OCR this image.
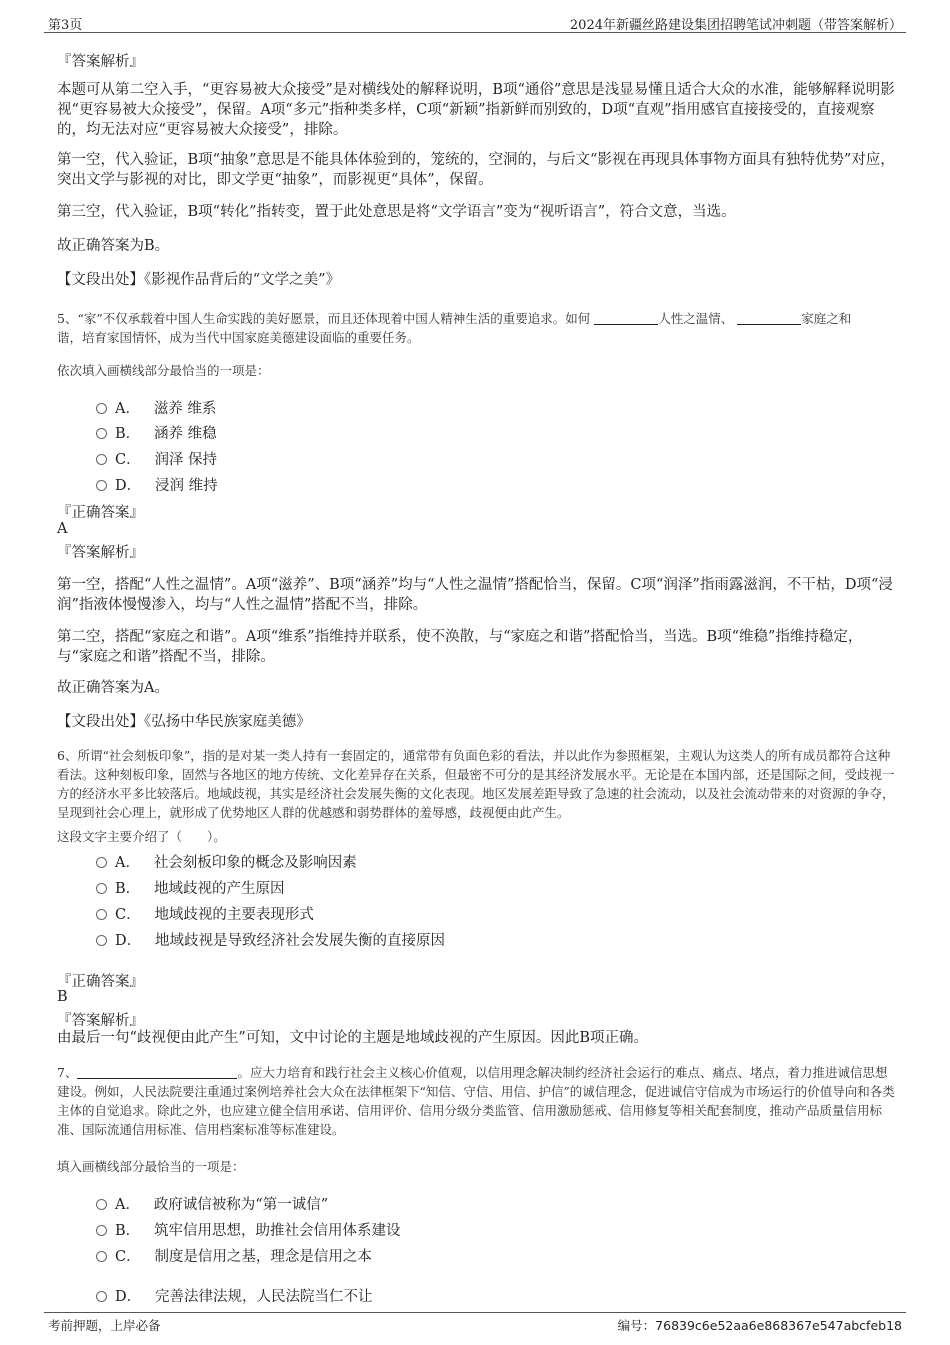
第3页	2024年新疆丝路建设集团招聘笔试冲刺题（带答案解析）
『答案解析』

本题可从第二空入手，“更容易被大众接受”是对横线处的解释说明，B项“通俗”意思是浅显易懂且适合大众的水准，能够解释说明影视“更容易被大众接受”，保留。A项“多元”指种类多样，C项“新颖”指新鲜而别致的，D项“直观”指用感官直接接受的，直接观察的，均无法对应“更容易被大众接受”，排除。

第一空，代入验证，B项“抽象”意思是不能具体体验到的，笼统的，空洞的，与后文“影视在再现具体事物方面具有独特优势”对应，突出文学与影视的对比，即文学更“抽象”，而影视更“具体”，保留。

第三空，代入验证，B项“转化”指转变，置于此处意思是将“文学语言”变为“视听语言”，符合文意，当选。

故正确答案为B。

【文段出处】《影视作品背后的“文学之美”》

5、“家”不仅承载着中国人生命实践的美好愿景，而且还体现着中国人精神生活的重要追求。如何	人性之温情、	家庭之和
谐，培育家国情怀，成为当代中国家庭美德建设面临的重要任务。

依次填入画横线部分最恰当的一项是：
A． 滋养 维系
B． 涵养 维稳
C． 润泽 保持
D． 浸润 维持
『正确答案』
A
『答案解析』

第一空，搭配“人性之温情”。A项“滋养”、B项“涵养”均与“人性之温情”搭配恰当，保留。C项“润泽”指雨露滋润，不干枯，D项“浸润”指液体慢慢渗入，均与“人性之温情”搭配不当，排除。

第二空，搭配“家庭之和谐”。A项“维系”指维持并联系，使不涣散，与“家庭之和谐”搭配恰当，当选。B项“维稳”指维持稳定，与“家庭之和谐”搭配不当，排除。

故正确答案为A。

【文段出处】《弘扬中华民族家庭美德》

6、所谓“社会刻板印象”，指的是对某一类人持有一套固定的，通常带有负面色彩的看法，并以此作为参照框架，主观认为这类人的所有成员都符合这种看法。这种刻板印象，固然与各地区的地方传统、文化差异存在关系，但最密不可分的是其经济发展水平。无论是在本国内部，还是国际之间，受歧视一方的经济水平多比较落后。地域歧视，其实是经济社会发展失衡的文化表现。地区发展差距导致了急速的社会流动，以及社会流动带来的对资源的争夺，呈现到社会心理上，就形成了优势地区人群的优越感和弱势群体的羞辱感，歧视便由此产生。

这段文字主要介绍了（　　）。
A． 社会刻板印象的概念及影响因素
B． 地域歧视的产生原因
C． 地域歧视的主要表现形式
D． 地域歧视是导致经济社会发展失衡的直接原因
『正确答案』
B
『答案解析』

由最后一句“歧视便由此产生”可知，文中讨论的主题是地域歧视的产生原因。因此B项正确。

7、	。应大力培育和践行社会主义核心价值观，以信用理念解决制约经济社会运行的难点、痛点、堵点，着力推进诚信思想建设。例如，人民法院要注重通过案例培养社会大众在法律框架下“知信、守信、用信、护信”的诚信理念，促进诚信守信成为市场运行的价值导向和各类主体的自觉追求。除此之外，也应建立健全信用承诺、信用评价、信用分级分类监管、信用激励惩戒、信用修复等相关配套制度，推动产品质量信用标准、国际流通信用标准、信用档案标准等标准建设。

填入画横线部分最恰当的一项是：
A． 政府诚信被称为“第一诚信”
B． 筑牢信用思想，助推社会信用体系建设
C． 制度是信用之基，理念是信用之本
D． 完善法律法规，人民法院当仁不让
考前押题，上岸必备	编号：76839c6e52aa6e868367e547abcfeb18
